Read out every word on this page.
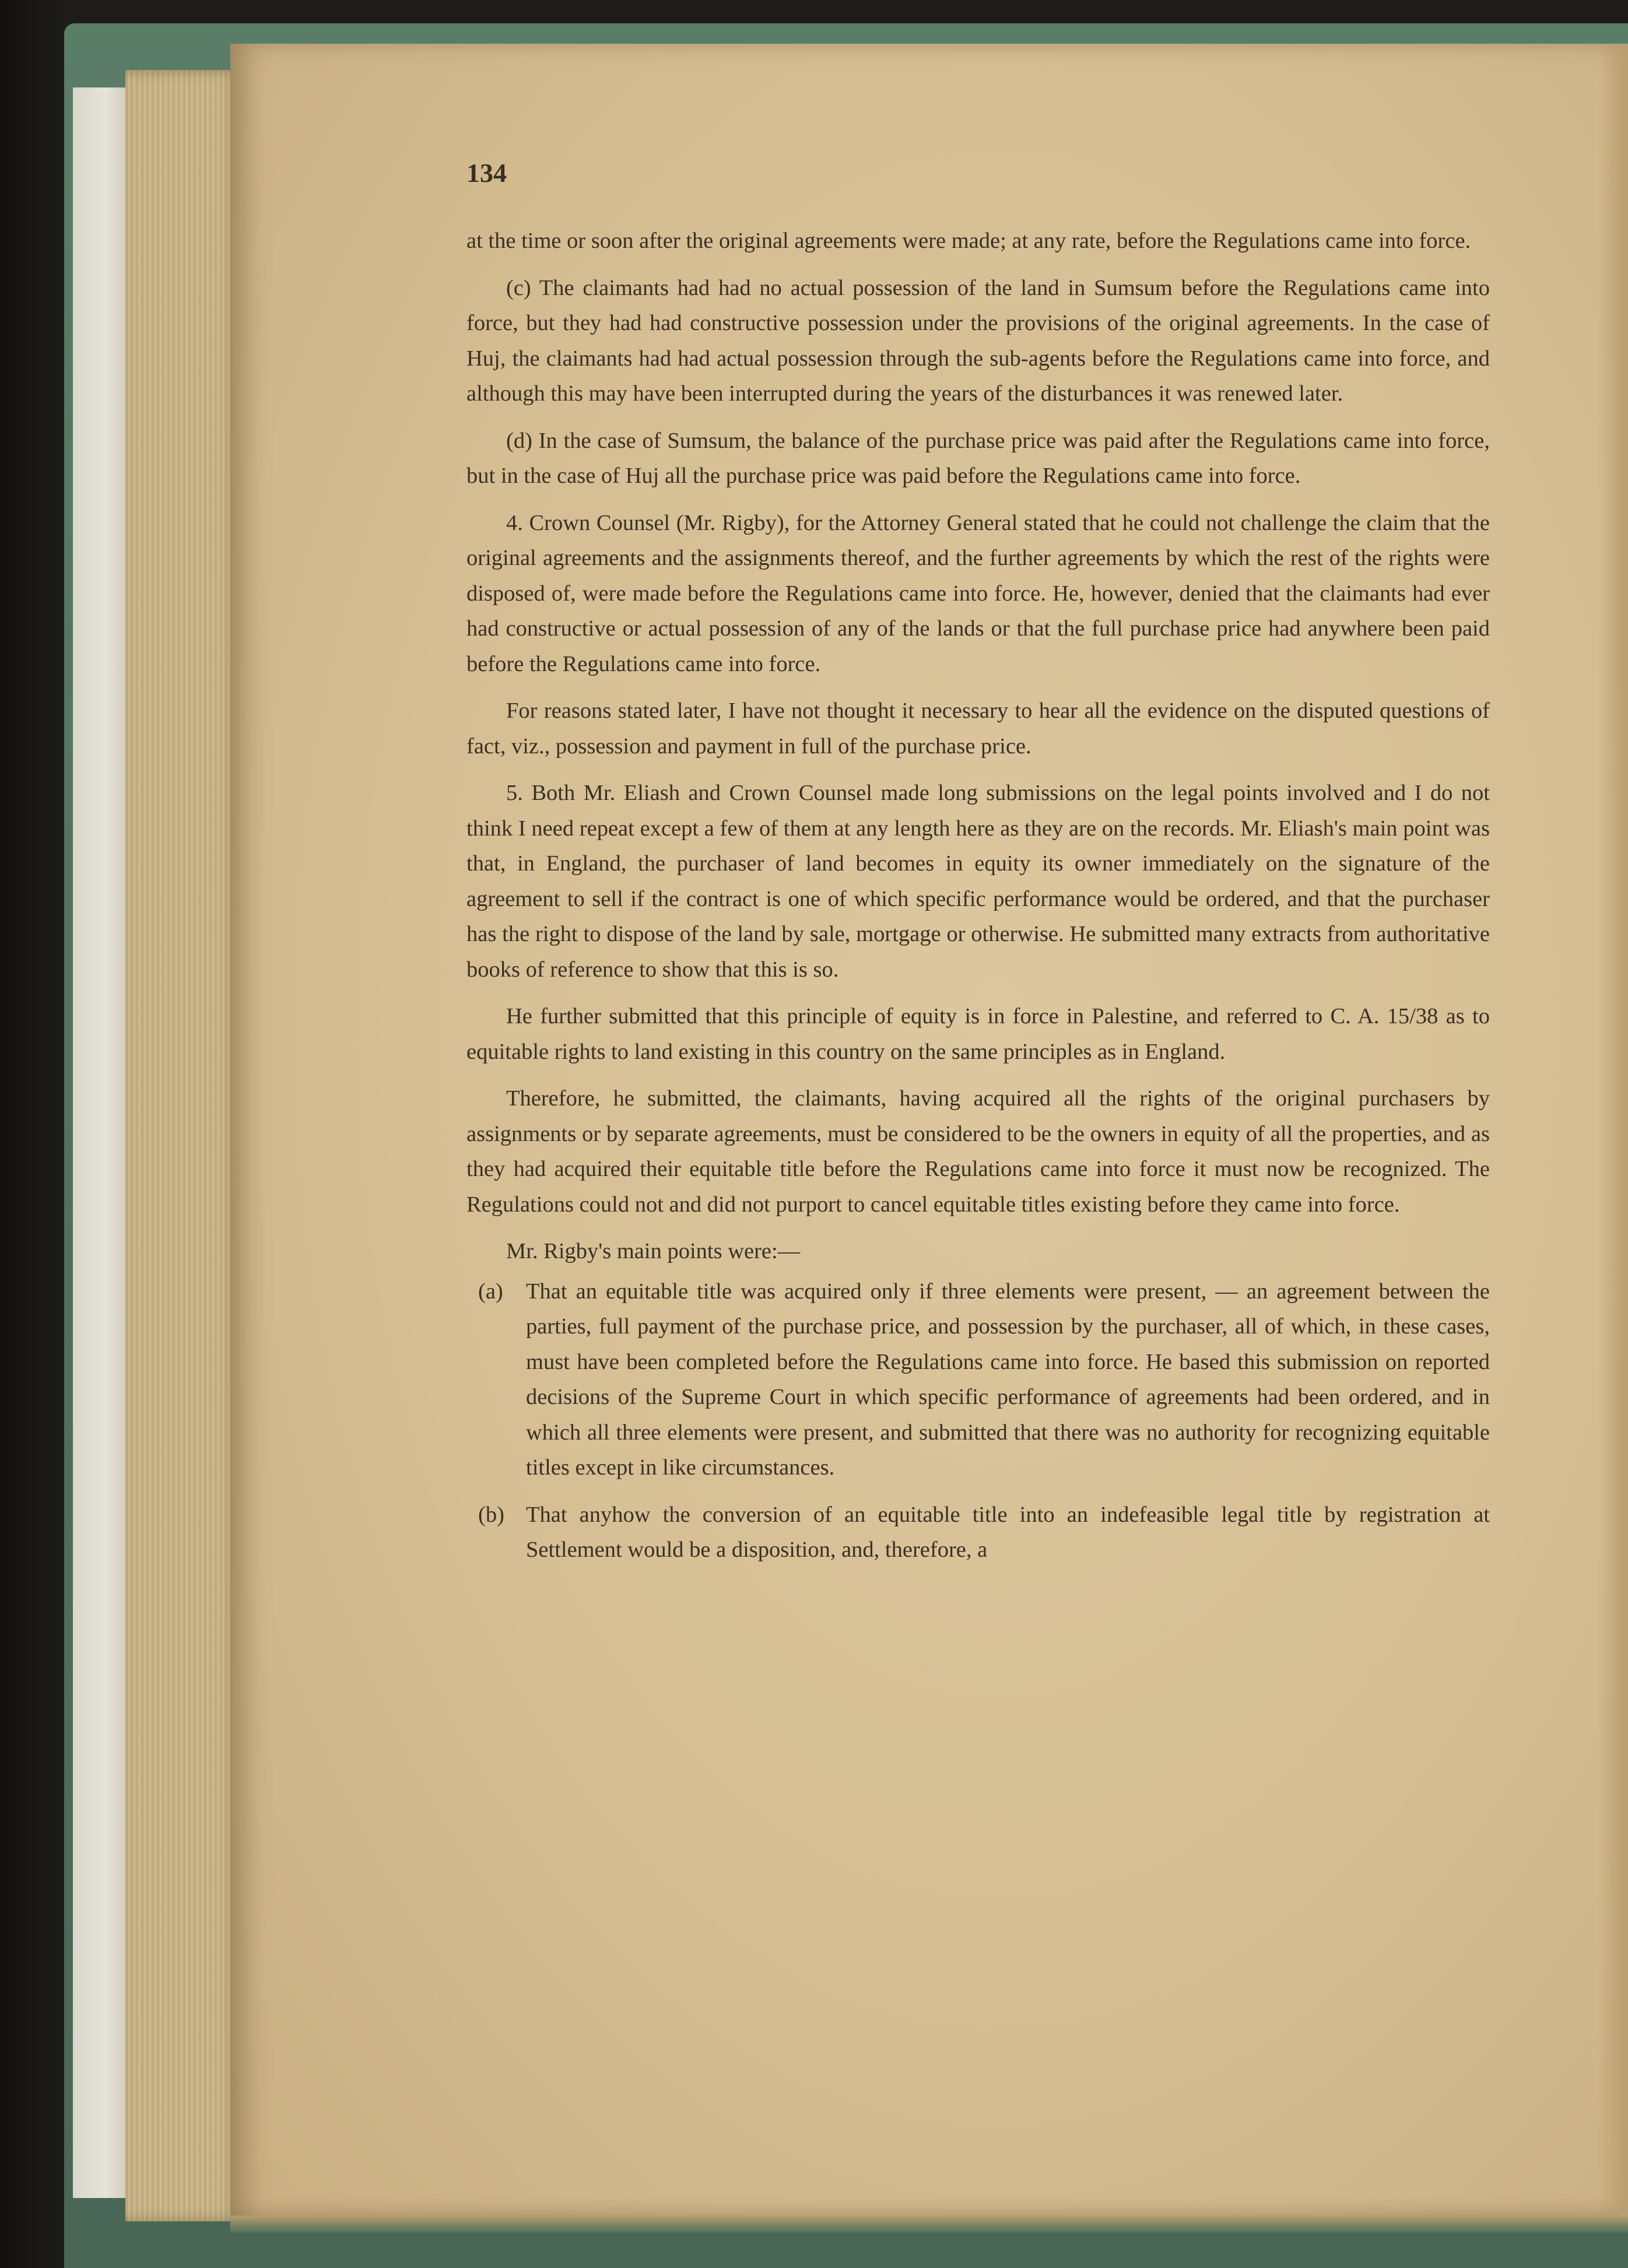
134

at the time or soon after the original agreements were made; at any rate, before the Regulations came into force.

(c) The claimants had had no actual possession of the land in Sumsum before the Regulations came into force, but they had had constructive possession under the provisions of the original agreements. In the case of Huj, the claimants had had actual possession through the sub-agents before the Regulations came into force, and although this may have been interrupted during the years of the disturbances it was renewed later.

(d) In the case of Sumsum, the balance of the purchase price was paid after the Regulations came into force, but in the case of Huj all the purchase price was paid before the Regulations came into force.

4. Crown Counsel (Mr. Rigby), for the Attorney General stated that he could not challenge the claim that the original agreements and the assignments thereof, and the further agreements by which the rest of the rights were disposed of, were made before the Regulations came into force. He, however, denied that the claimants had ever had constructive or actual possession of any of the lands or that the full purchase price had anywhere been paid before the Regulations came into force.

For reasons stated later, I have not thought it necessary to hear all the evidence on the disputed questions of fact, viz., possession and payment in full of the purchase price.

5. Both Mr. Eliash and Crown Counsel made long submissions on the legal points involved and I do not think I need repeat except a few of them at any length here as they are on the records. Mr. Eliash's main point was that, in England, the purchaser of land becomes in equity its owner immediately on the signature of the agreement to sell if the contract is one of which specific performance would be ordered, and that the purchaser has the right to dispose of the land by sale, mortgage or otherwise. He submitted many extracts from authoritative books of reference to show that this is so.

He further submitted that this principle of equity is in force in Palestine, and referred to C. A. 15/38 as to equitable rights to land existing in this country on the same principles as in England.

Therefore, he submitted, the claimants, having acquired all the rights of the original purchasers by assignments or by separate agreements, must be considered to be the owners in equity of all the properties, and as they had acquired their equitable title before the Regulations came into force it must now be recognized. The Regulations could not and did not purport to cancel equitable titles existing before they came into force.

Mr. Rigby's main points were:—

(a)	That an equitable title was acquired only if three elements were present, — an agreement between the parties, full payment of the purchase price, and possession by the purchaser, all of which, in these cases, must have been completed before the Regulations came into force. He based this submission on reported decisions of the Supreme Court in which specific performance of agreements had been ordered, and in which all three elements were present, and submitted that there was no authority for recognizing equitable titles except in like circumstances.
(b) That anyhow the conversion of an equitable title into an indefeasible legal title by registration at Settlement would be a disposition, and, therefore, a
